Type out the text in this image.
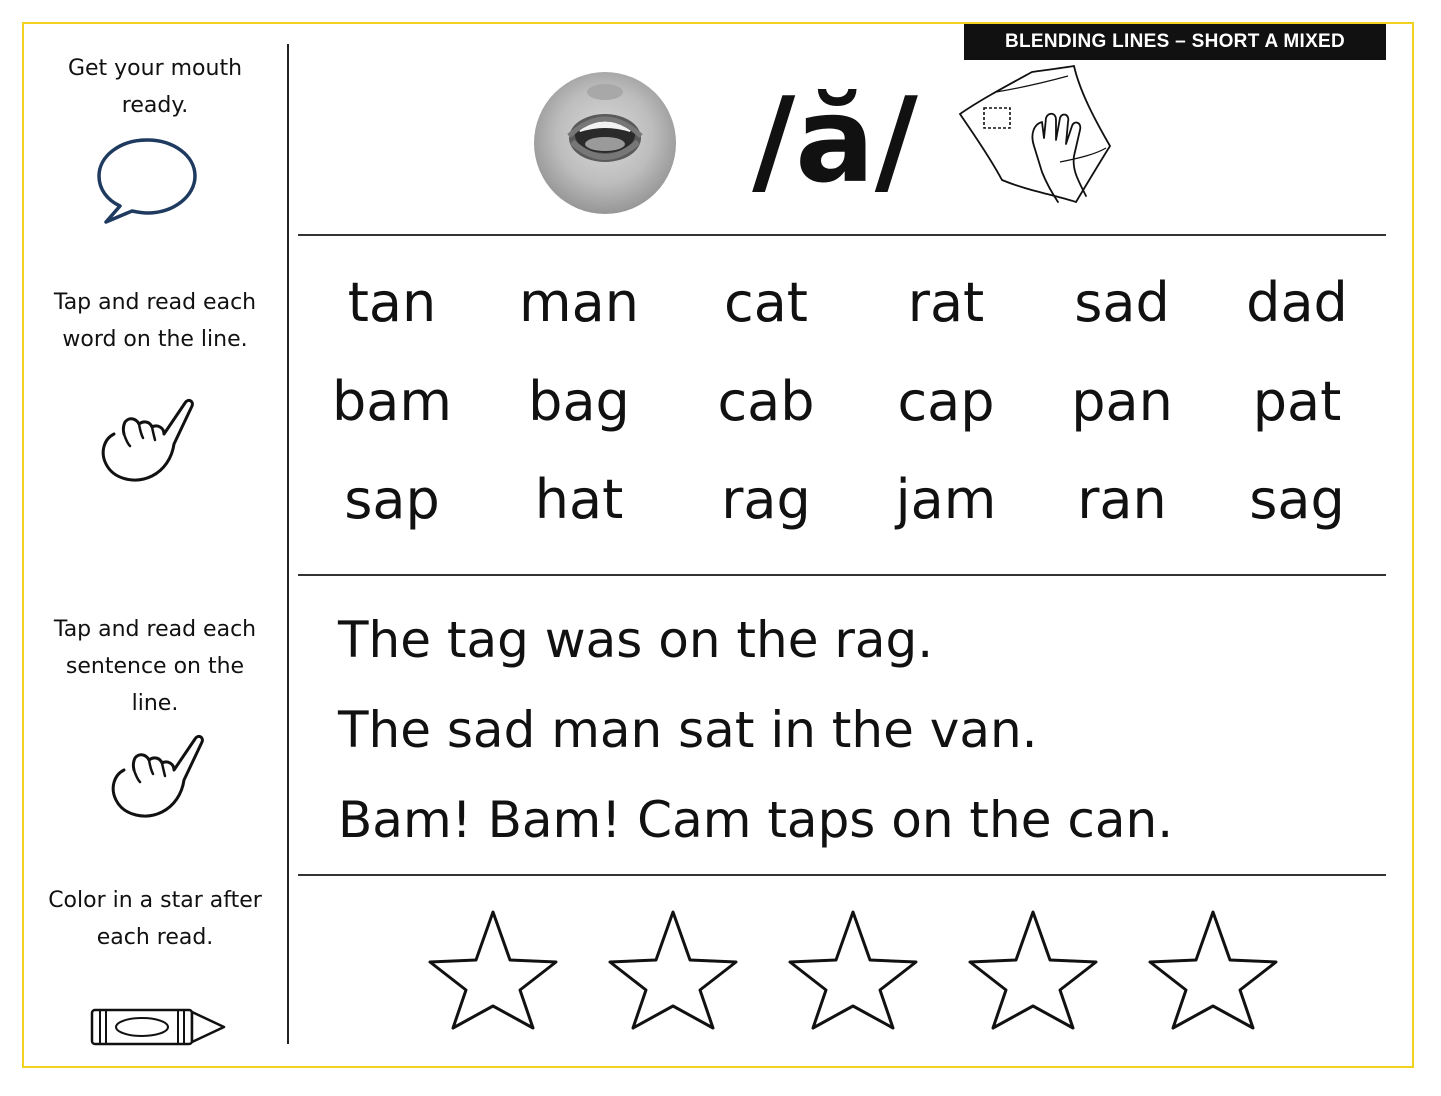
BLENDING LINES – SHORT A MIXED
Get your mouth ready.
Tap and read each word on the line.
Tap and read each sentence on the line.
Color in a star after each read.
/ă/
tan	man	cat	rat	sad	dad
bam	bag	cab	cap	pan	pat
sap	hat	rag	jam	ran	sag
The tag was on the rag.
The sad man sat in the van.
Bam! Bam! Cam taps on the can.
